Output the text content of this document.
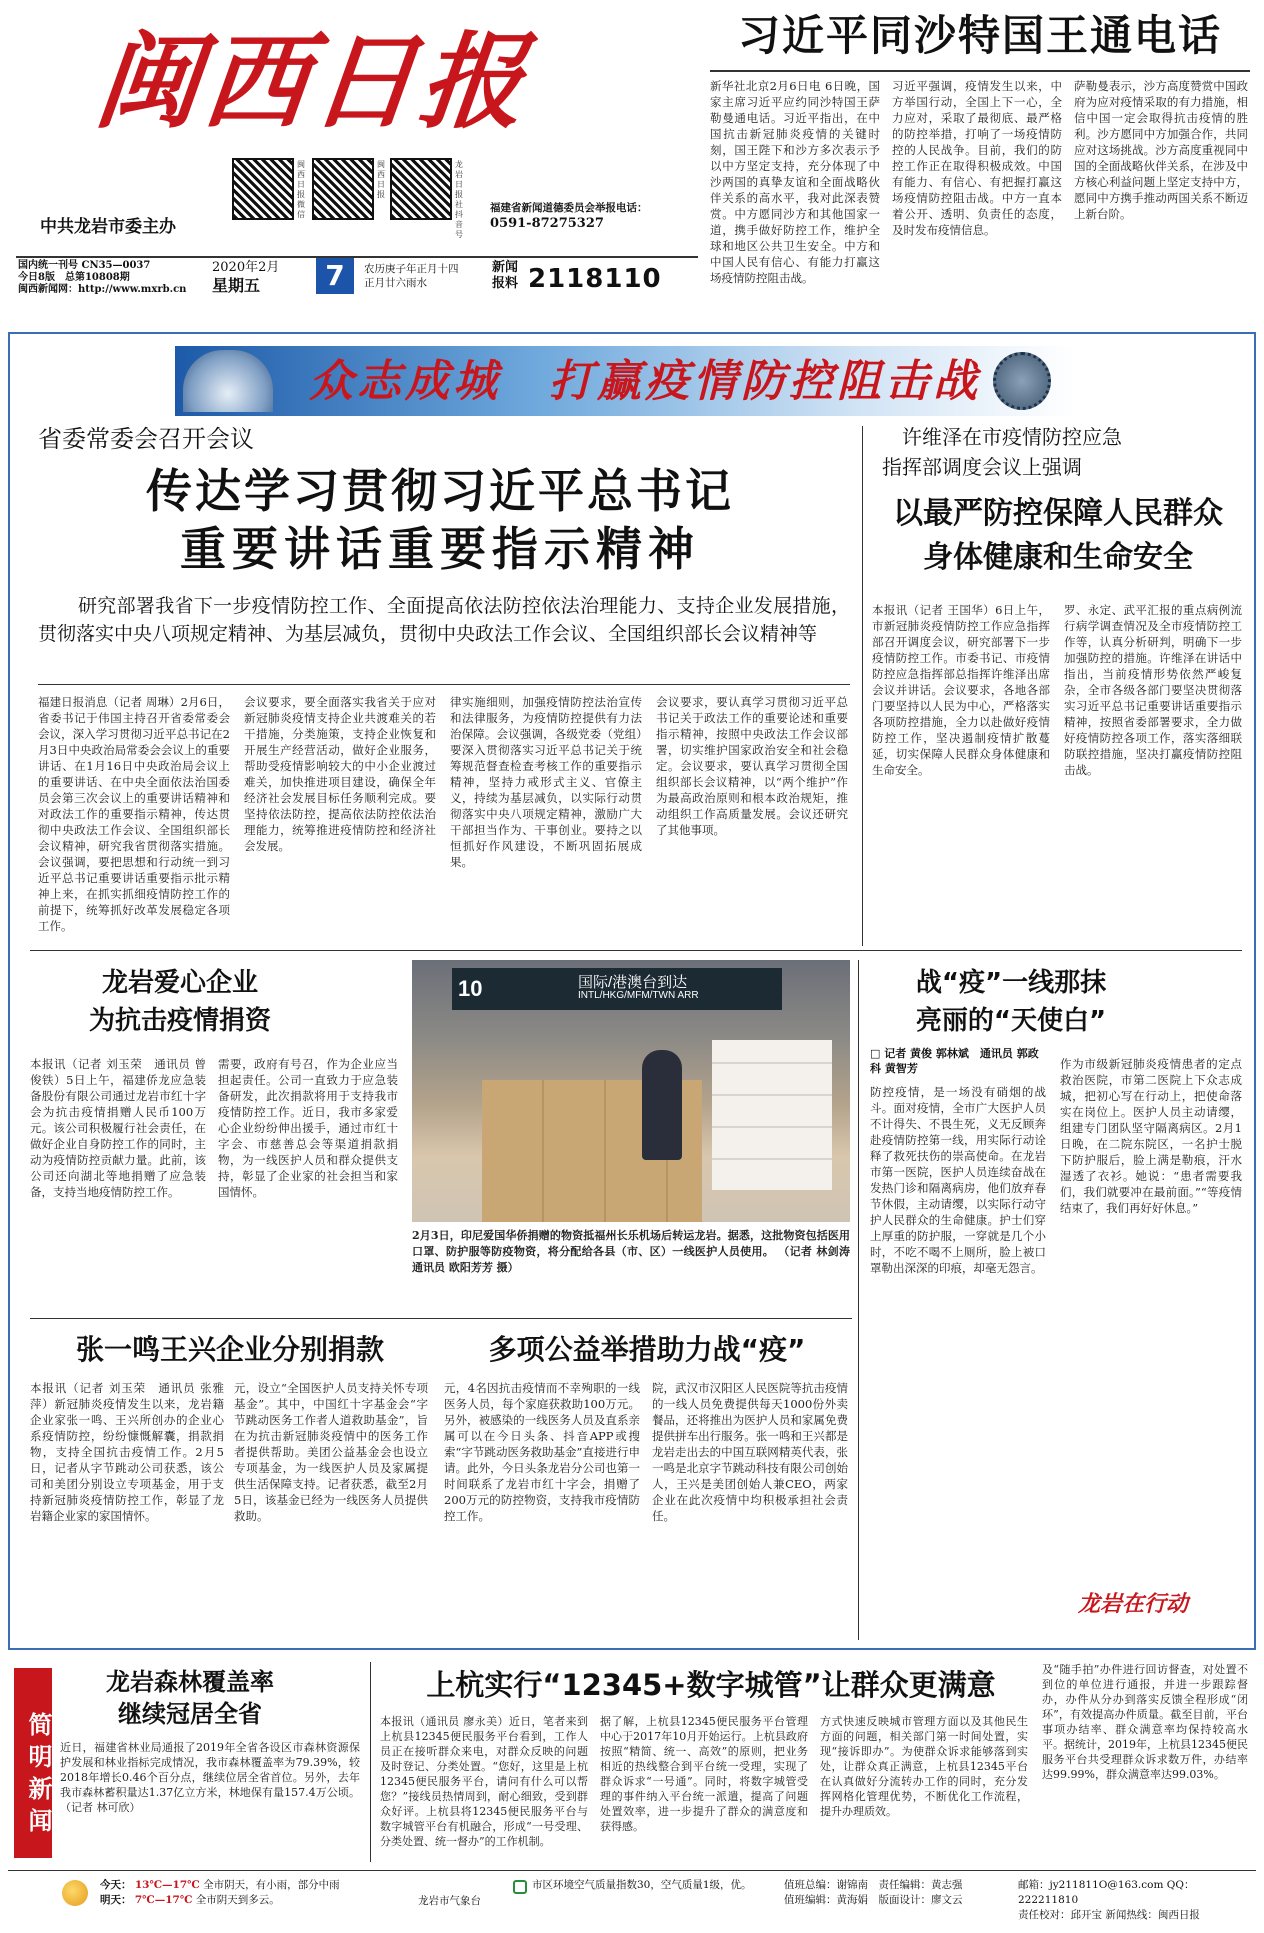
闽西日报
中共龙岩市委主办
闽西日报微信
闽西日报
龙岩日报社抖音号
福建省新闻道德委员会举报电话：
0591-87275327
国内统一刊号 CN35—0037
今日8版　总第10808期
闽西新闻网：http://www.mxrb.cn
2020年2月
星期五	7	农历庚子年正月十四
正月廿六雨水
新闻
报料 2118110
习近平同沙特国王通电话
新华社北京2月6日电 6日晚，国家主席习近平应约同沙特国王萨勒曼通电话。习近平指出，在中国抗击新冠肺炎疫情的关键时刻，国王陛下和沙方多次表示予以中方坚定支持，充分体现了中沙两国的真挚友谊和全面战略伙伴关系的高水平，我对此深表赞赏。中方愿同沙方和其他国家一道，携手做好防控工作，维护全球和地区公共卫生安全。中方和中国人民有信心、有能力打赢这场疫情防控阻击战。
习近平强调，疫情发生以来，中方举国行动，全国上下一心，全力应对，采取了最彻底、最严格的防控举措，打响了一场疫情防控的人民战争。目前，我们的防控工作正在取得积极成效。中国有能力、有信心、有把握打赢这场疫情防控阻击战。中方一直本着公开、透明、负责任的态度，及时发布疫情信息。
萨勒曼表示，沙方高度赞赏中国政府为应对疫情采取的有力措施，相信中国一定会取得抗击疫情的胜利。沙方愿同中方加强合作，共同应对这场挑战。沙方高度重视同中国的全面战略伙伴关系，在涉及中方核心利益问题上坚定支持中方，愿同中方携手推动两国关系不断迈上新台阶。
众志成城　打赢疫情防控阻击战
省委常委会召开会议
传达学习贯彻习近平总书记
重要讲话重要指示精神
研究部署我省下一步疫情防控工作、全面提高依法防控依法治理能力、支持企业发展措施，贯彻落实中央八项规定精神、为基层减负，贯彻中央政法工作会议、全国组织部长会议精神等
福建日报消息（记者 周琳）2月6日，省委书记于伟国主持召开省委常委会会议，深入学习贯彻习近平总书记在2月3日中央政治局常委会会议上的重要讲话、在1月16日中央政治局会议上的重要讲话、在中央全面依法治国委员会第三次会议上的重要讲话精神和对政法工作的重要指示精神，传达贯彻中央政法工作会议、全国组织部长会议精神，研究我省贯彻落实措施。会议强调，要把思想和行动统一到习近平总书记重要讲话重要指示批示精神上来，在抓实抓细疫情防控工作的前提下，统筹抓好改革发展稳定各项工作。
会议要求，要全面落实我省关于应对新冠肺炎疫情支持企业共渡难关的若干措施，分类施策，支持企业恢复和开展生产经营活动，做好企业服务，帮助受疫情影响较大的中小企业渡过难关，加快推进项目建设，确保全年经济社会发展目标任务顺利完成。要坚持依法防控，提高依法防控依法治理能力，统筹推进疫情防控和经济社会发展。
律实施细则，加强疫情防控法治宣传和法律服务，为疫情防控提供有力法治保障。会议强调，各级党委（党组）要深入贯彻落实习近平总书记关于统筹规范督查检查考核工作的重要指示精神，坚持力戒形式主义、官僚主义，持续为基层减负，以实际行动贯彻落实中央八项规定精神，激励广大干部担当作为、干事创业。要持之以恒抓好作风建设，不断巩固拓展成果。
会议要求，要认真学习贯彻习近平总书记关于政法工作的重要论述和重要指示精神，按照中央政法工作会议部署，切实维护国家政治安全和社会稳定。会议要求，要认真学习贯彻全国组织部长会议精神，以“两个维护”作为最高政治原则和根本政治规矩，推动组织工作高质量发展。会议还研究了其他事项。
许维泽在市疫情防控应急
指挥部调度会议上强调
以最严防控保障人民群众
身体健康和生命安全
本报讯（记者 王国华）6日上午，市新冠肺炎疫情防控工作应急指挥部召开调度会议，研究部署下一步疫情防控工作。市委书记、市疫情防控应急指挥部总指挥许维泽出席会议并讲话。会议要求，各地各部门要坚持以人民为中心，严格落实各项防控措施，全力以赴做好疫情防控工作，坚决遏制疫情扩散蔓延，切实保障人民群众身体健康和生命安全。
罗、永定、武平汇报的重点病例流行病学调查情况及全市疫情防控工作等，认真分析研判，明确下一步加强防控的措施。许维泽在讲话中指出，当前疫情形势依然严峻复杂，全市各级各部门要坚决贯彻落实习近平总书记重要讲话重要指示精神，按照省委部署要求，全力做好疫情防控各项工作，落实落细联防联控措施，坚决打赢疫情防控阻击战。
龙岩爱心企业
为抗击疫情捐资
本报讯（记者 刘玉荣　通讯员 曾俊铁）5日上午，福建侨龙应急装备股份有限公司通过龙岩市红十字会为抗击疫情捐赠人民币100万元。该公司积极履行社会责任，在做好企业自身防控工作的同时，主动为疫情防控贡献力量。此前，该公司还向湖北等地捐赠了应急装备，支持当地疫情防控工作。
需要，政府有号召，作为企业应当担起责任。公司一直致力于应急装备研发，此次捐款将用于支持我市疫情防控工作。近日，我市多家爱心企业纷纷伸出援手，通过市红十字会、市慈善总会等渠道捐款捐物，为一线医护人员和群众提供支持，彰显了企业家的社会担当和家国情怀。
10	国际/港澳台到达
INTL/HKG/MFM/TWN ARR
2月3日，印尼爱国华侨捐赠的物资抵福州长乐机场后转运龙岩。据悉，这批物资包括医用口罩、防护服等防疫物资，将分配给各县（市、区）一线医护人员使用。 （记者 林剑涛 通讯员 欧阳芳芳 摄）
战“疫”一线那抹
亮丽的“天使白”
□ 记者 黄俊 郭林斌　通讯员 郭政科 黄智芳
防控疫情，是一场没有硝烟的战斗。面对疫情，全市广大医护人员不计得失、不畏生死，义无反顾奔赴疫情防控第一线，用实际行动诠释了救死扶伤的崇高使命。在龙岩市第一医院，医护人员连续奋战在发热门诊和隔离病房，他们放弃春节休假，主动请缨，以实际行动守护人民群众的生命健康。护士们穿上厚重的防护服，一穿就是几个小时，不吃不喝不上厕所，脸上被口罩勒出深深的印痕，却毫无怨言。
作为市级新冠肺炎疫情患者的定点救治医院，市第二医院上下众志成城，把初心写在行动上，把使命落实在岗位上。医护人员主动请缨，组建专门团队坚守隔离病区。2月1日晚，在二院东院区，一名护士脱下防护服后，脸上满是勒痕，汗水湿透了衣衫。她说：“患者需要我们，我们就要冲在最前面。”“等疫情结束了，我们再好好休息。”
龙岩在行动
张一鸣王兴企业分别捐款
本报讯（记者 刘玉荣　通讯员 张雅萍）新冠肺炎疫情发生以来，龙岩籍企业家张一鸣、王兴所创办的企业心系疫情防控，纷纷慷慨解囊，捐款捐物，支持全国抗击疫情工作。2月5日，记者从字节跳动公司获悉，该公司和美团分别设立专项基金，用于支持新冠肺炎疫情防控工作，彰显了龙岩籍企业家的家国情怀。
元，设立“全国医护人员支持关怀专项基金”。其中，中国红十字基金会“字节跳动医务工作者人道救助基金”，旨在为抗击新冠肺炎疫情中的医务工作者提供帮助。美团公益基金会也设立专项基金，为一线医护人员及家属提供生活保障支持。记者获悉，截至2月5日，该基金已经为一线医务人员提供救助。
多项公益举措助力战“疫”
元，4名因抗击疫情而不幸殉职的一线医务人员，每个家庭获救助100万元。另外，被感染的一线医务人员及直系亲属可以在今日头条、抖音APP或搜索“字节跳动医务救助基金”直接进行申请。此外，今日头条龙岩分公司也第一时间联系了龙岩市红十字会，捐赠了200万元的防控物资，支持我市疫情防控工作。
院，武汉市汉阳区人民医院等抗击疫情的一线人员免费提供每天1000份外卖餐品，还将推出为医护人员和家属免费提供拼车出行服务。张一鸣和王兴都是龙岩走出去的中国互联网精英代表，张一鸣是北京字节跳动科技有限公司创始人，王兴是美团创始人兼CEO，两家企业在此次疫情中均积极承担社会责任。
简明新闻
龙岩森林覆盖率
继续冠居全省
近日，福建省林业局通报了2019年全省各设区市森林资源保护发展和林业指标完成情况，我市森林覆盖率为79.39%，较2018年增长0.46个百分点，继续位居全省首位。另外，去年我市森林蓄积量达1.37亿立方米，林地保有量157.4万公顷。（记者 林可欣）
上杭实行“12345+数字城管”让群众更满意
本报讯（通讯员 廖永美）近日，笔者来到上杭县12345便民服务平台看到，工作人员正在接听群众来电，对群众反映的问题及时登记、分类处置。“您好，这里是上杭12345便民服务平台，请问有什么可以帮您？”接线员热情周到，耐心细致，受到群众好评。上杭县将12345便民服务平台与数字城管平台有机融合，形成“一号受理、分类处置、统一督办”的工作机制。
据了解，上杭县12345便民服务平台管理中心于2017年10月开始运行。上杭县政府按照“精简、统一、高效”的原则，把业务相近的热线整合到平台统一受理，实现了群众诉求“一号通”。同时，将数字城管受理的事件纳入平台统一派遣，提高了问题处置效率，进一步提升了群众的满意度和获得感。
方式快速反映城市管理方面以及其他民生方面的问题，相关部门第一时间处置，实现“接诉即办”。为使群众诉求能够落到实处，让群众真正满意，上杭县12345平台在认真做好分流转办工作的同时，充分发挥网格化管理优势，不断优化工作流程，提升办理质效。
及“随手拍”办件进行回访督查，对处置不到位的单位进行通报，并进一步跟踪督办，办件从分办到落实反馈全程形成“闭环”，有效提高办件质量。截至目前，平台事项办结率、群众满意率均保持较高水平。据统计，2019年，上杭县12345便民服务平台共受理群众诉求数万件，办结率达99.99%，群众满意率达99.03%。
今天： 13℃—17℃ 全市阴天，有小雨，部分中雨
明天： 7℃—17℃ 全市阴天到多云。	龙岩市气象台
市区环境空气质量指数30，空气质量1级，优。	值班总编：谢锦南　 责任编辑：黄志强
值班编辑：黄海娟　 版面设计：廖文云
邮箱：jy211811O@163.com QQ：222211810
责任校对：邱开宝 新闻热线：闽西日报
